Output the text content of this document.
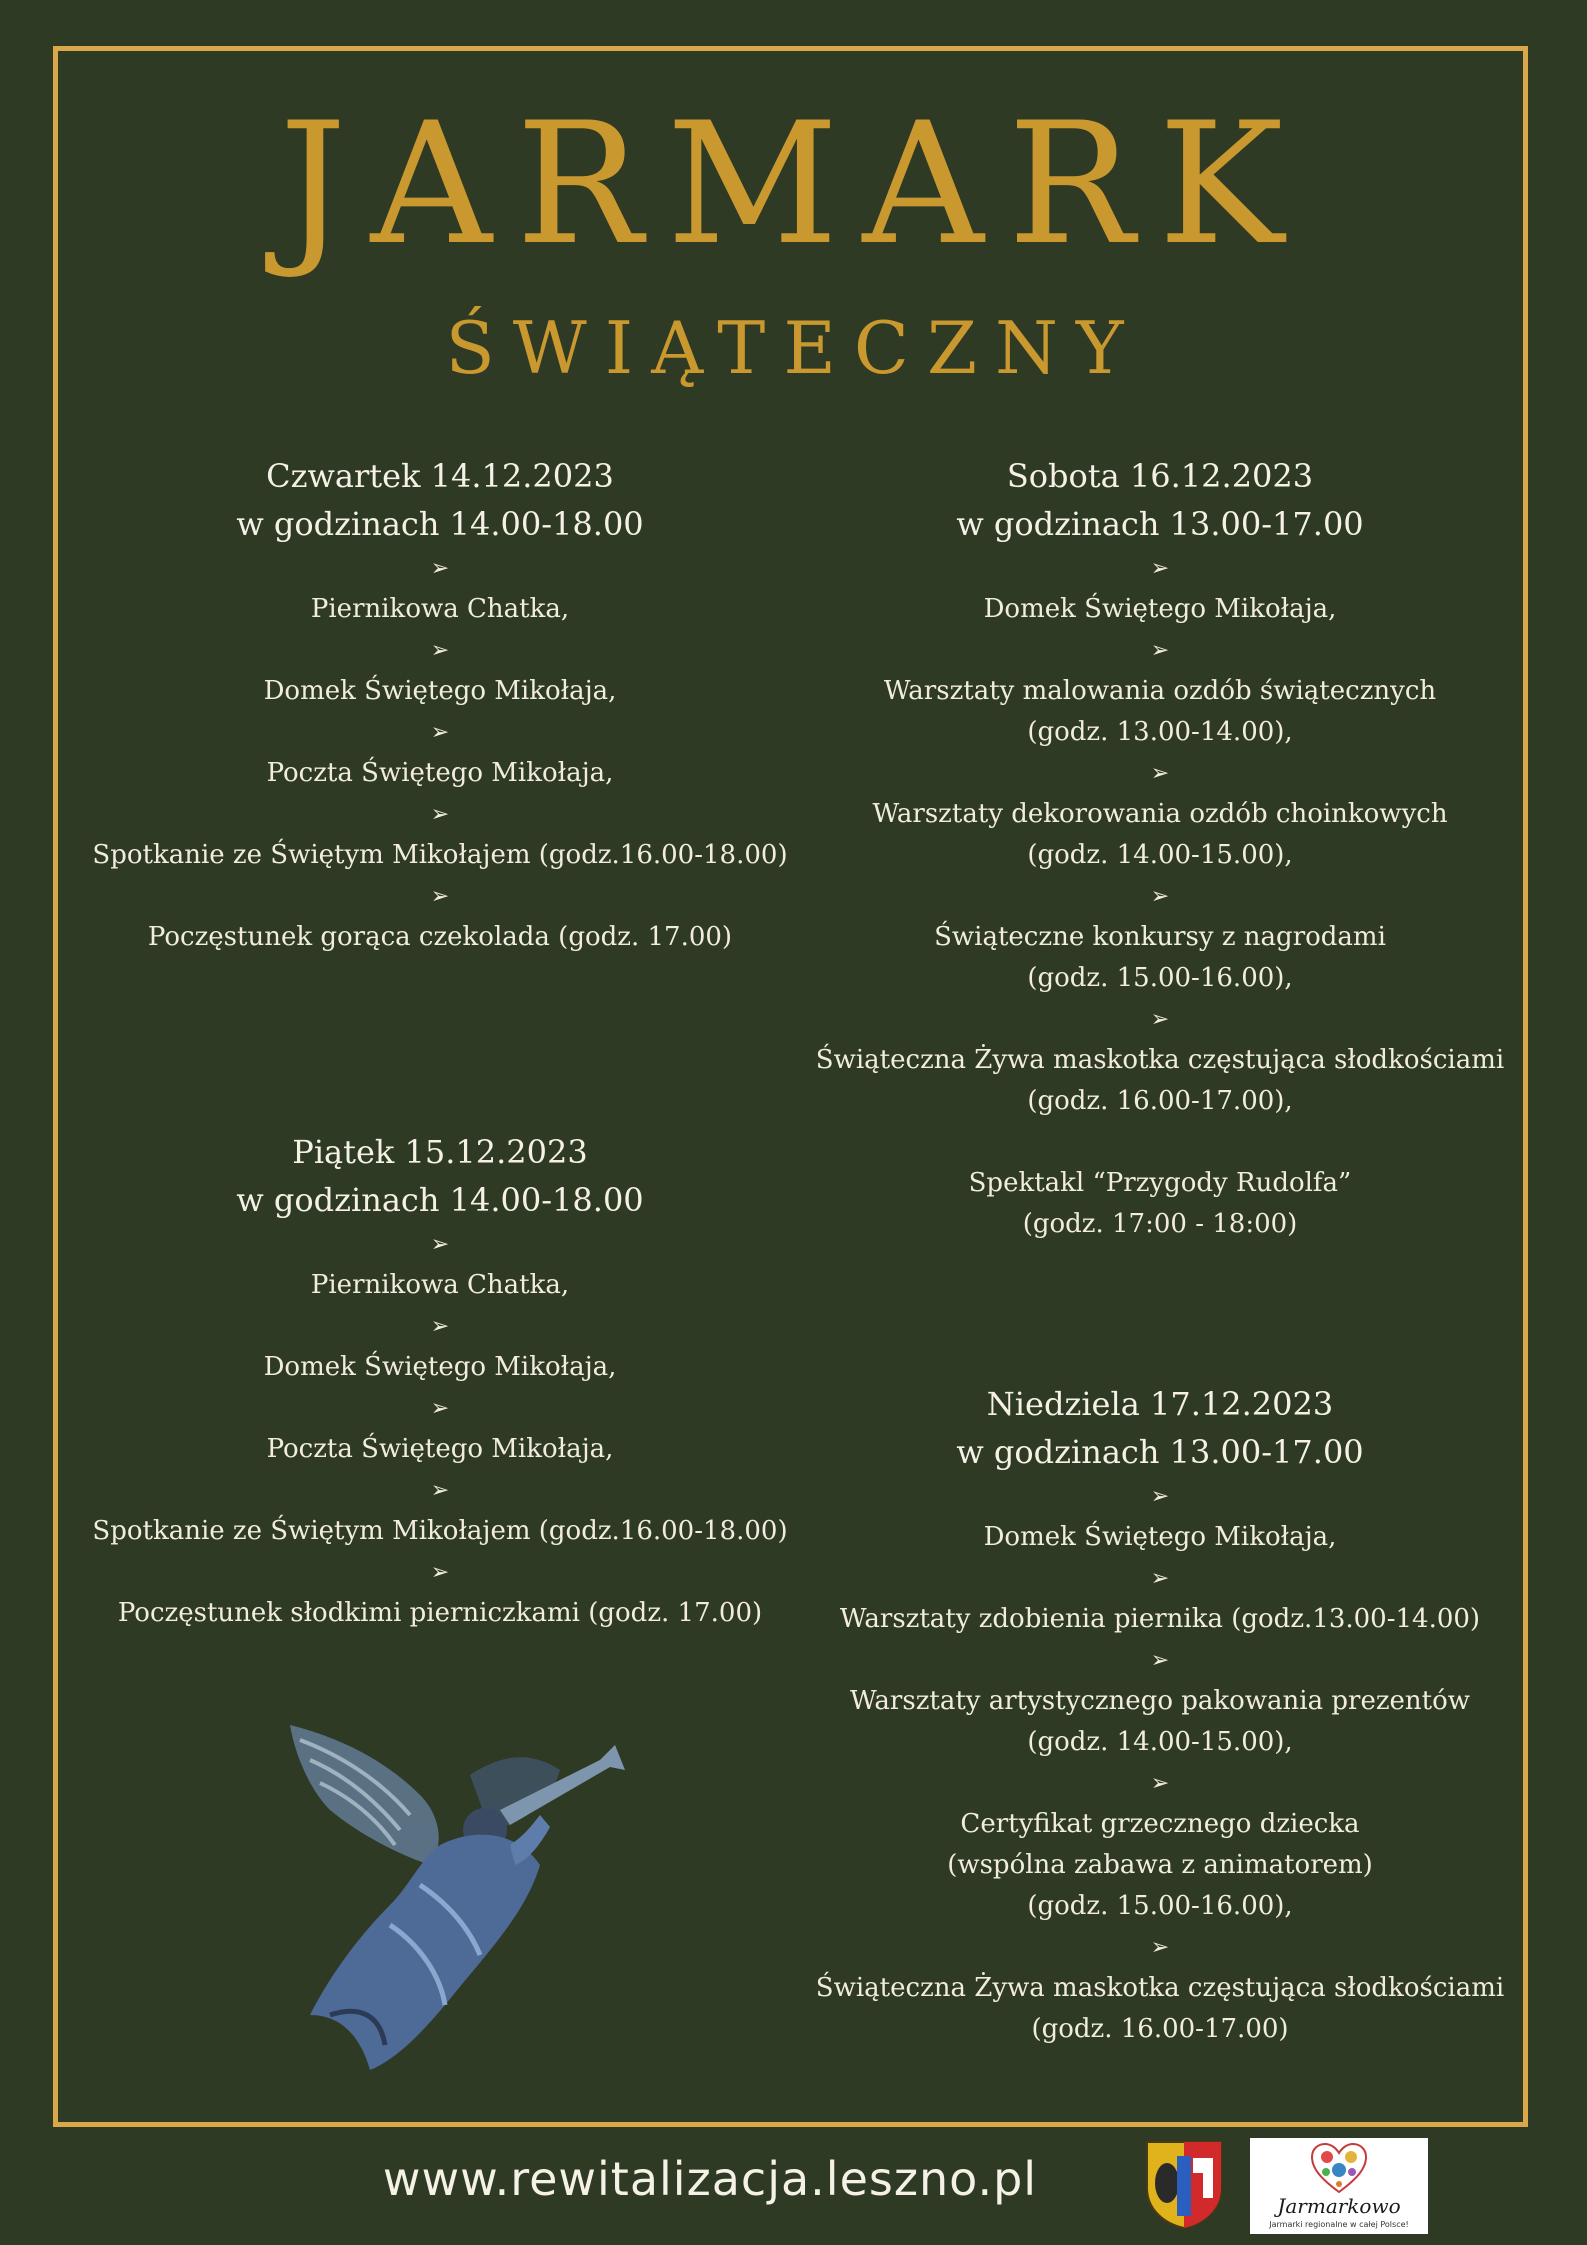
JARMARK
ŚWIĄTECZNY
Czwartek 14.12.2023
w godzinach 14.00-18.00
➢
Piernikowa Chatka,
➢
Domek Świętego Mikołaja,
➢
Poczta Świętego Mikołaja,
➢
Spotkanie ze Świętym Mikołajem (godz.16.00-18.00)
➢
Poczęstunek gorąca czekolada (godz. 17.00)
Piątek 15.12.2023
w godzinach 14.00-18.00
➢
Piernikowa Chatka,
➢
Domek Świętego Mikołaja,
➢
Poczta Świętego Mikołaja,
➢
Spotkanie ze Świętym Mikołajem (godz.16.00-18.00)
➢
Poczęstunek słodkimi pierniczkami (godz. 17.00)
Sobota 16.12.2023
w godzinach 13.00-17.00
➢
Domek Świętego Mikołaja,
➢
Warsztaty malowania ozdób świątecznych
(godz. 13.00-14.00),
➢
Warsztaty dekorowania ozdób choinkowych
(godz. 14.00-15.00),
➢
Świąteczne konkursy z nagrodami
(godz. 15.00-16.00),
➢
Świąteczna Żywa maskotka częstująca słodkościami
(godz. 16.00-17.00),
Spektakl “Przygody Rudolfa”
(godz. 17:00 - 18:00)
Niedziela 17.12.2023
w godzinach 13.00-17.00
➢
Domek Świętego Mikołaja,
➢
Warsztaty zdobienia piernika (godz.13.00-14.00)
➢
Warsztaty artystycznego pakowania prezentów
(godz. 14.00-15.00),
➢
Certyfikat grzecznego dziecka
(wspólna zabawa z animatorem)
(godz. 15.00-16.00),
➢
Świąteczna Żywa maskotka częstująca słodkościami
(godz. 16.00-17.00)
www.rewitalizacja.leszno.pl	Jarmarkowo
Jarmarki regionalne w całej Polsce!
